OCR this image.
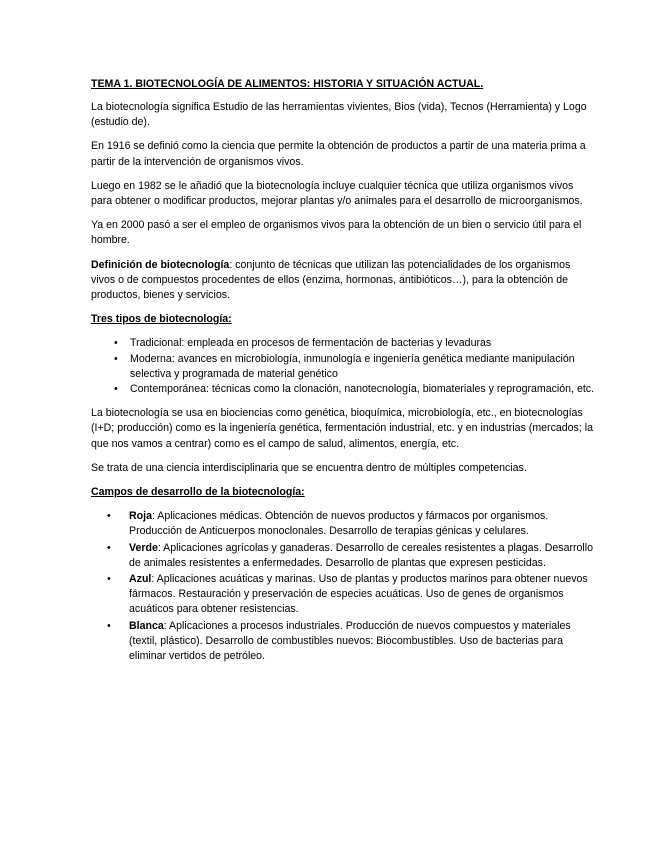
TEMA 1. BIOTECNOLOGÍA DE ALIMENTOS: HISTORIA Y SITUACIÓN ACTUAL.

La biotecnología significa Estudio de las herramientas vivientes, Bios (vida), Tecnos (Herramienta) y Logo (estudio de).

En 1916 se definió como la ciencia que permite la obtención de productos a partir de una materia prima a partir de la intervención de organismos vivos.

Luego en 1982 se le añadió que la biotecnología incluye cualquier técnica que utiliza organismos vivos para obtener o modificar productos, mejorar plantas y/o animales para el desarrollo de microorganismos.

Ya en 2000 pasó a ser el empleo de organismos vivos para la obtención de un bien o servicio útil para el hombre.

Definición de biotecnología: conjunto de técnicas que utilizan las potencialidades de los organismos vivos o de compuestos procedentes de ellos (enzima, hormonas, antibióticos…), para la obtención de productos, bienes y servicios.

Tres tipos de biotecnología:
• Tradicional: empleada en procesos de fermentación de bacterias y levaduras
• Moderna: avances en microbiología, inmunología e ingeniería genética mediante manipulación selectiva y programada de material genético
• Contemporánea: técnicas como la clonación, nanotecnología, biomateriales y reprogramación, etc.

La biotecnología se usa en biociencias como genética, bioquímica, microbiología, etc., en biotecnologías (I+D; producción) como es la ingeniería genética, fermentación industrial, etc. y en industrias (mercados; la que nos vamos a centrar) como es el campo de salud, alimentos, energía, etc.

Se trata de una ciencia interdisciplinaria que se encuentra dentro de múltiples competencias.

Campos de desarrollo de la biotecnología:
• Roja: Aplicaciones médicas. Obtención de nuevos productos y fármacos por organismos. Producción de Anticuerpos monoclonales. Desarrollo de terapias génicas y celulares.
• Verde: Aplicaciones agrícolas y ganaderas. Desarrollo de cereales resistentes a plagas. Desarrollo de animales resistentes a enfermedades. Desarrollo de plantas que expresen pesticidas.
• Azul: Aplicaciones acuáticas y marinas. Uso de plantas y productos marinos para obtener nuevos fármacos. Restauración y preservación de especies acuáticas. Uso de genes de organismos acuáticos para obtener resistencias.
• Blanca: Aplicaciones a procesos industriales. Producción de nuevos compuestos y materiales (textil, plástico). Desarrollo de combustibles nuevos: Biocombustibles. Uso de bacterias para eliminar vertidos de petróleo.
